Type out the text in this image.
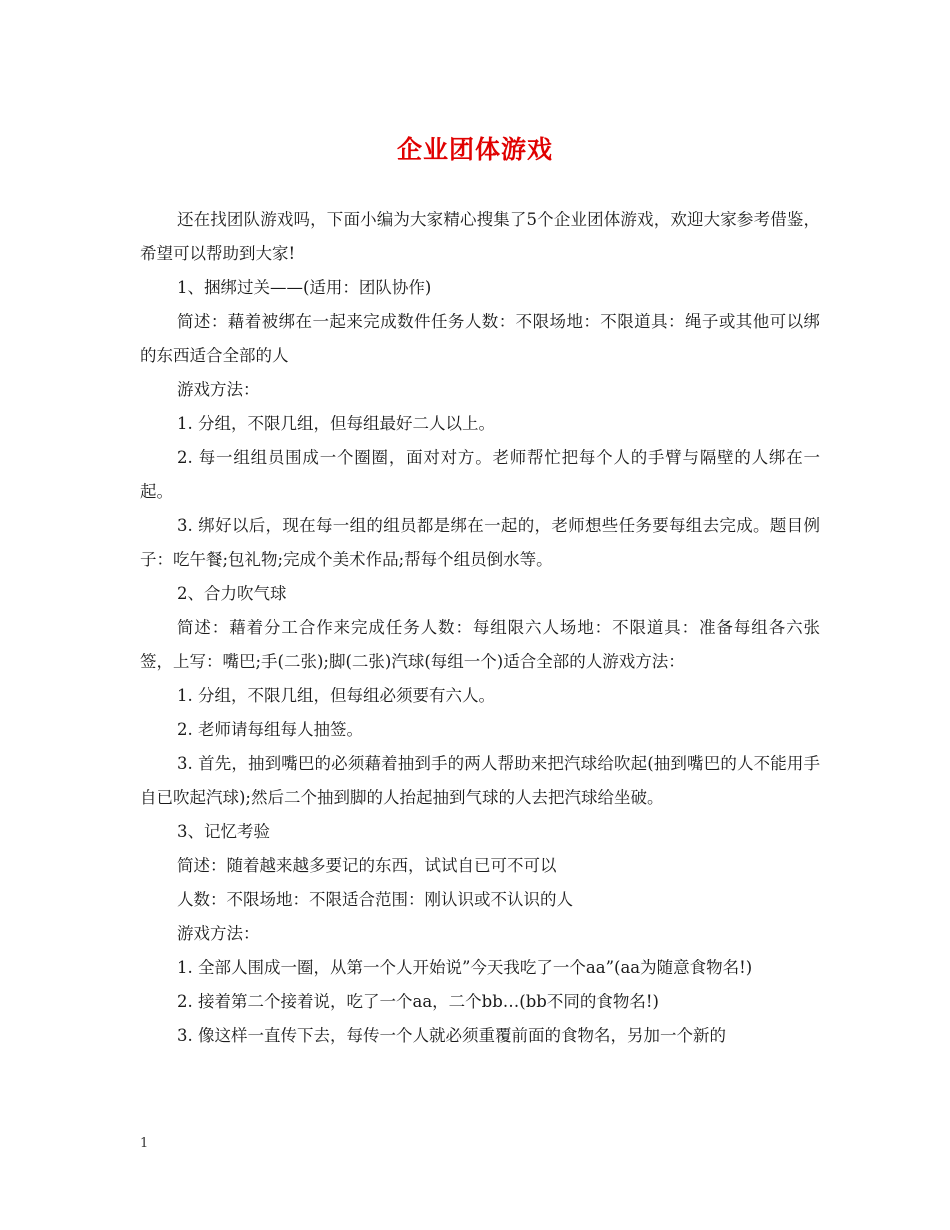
企业团体游戏

还在找团队游戏吗，下面小编为大家精心搜集了5个企业团体游戏，欢迎大家参考借鉴，希望可以帮助到大家!

1、捆绑过关——(适用：团队协作)

简述：藉着被绑在一起来完成数件任务人数：不限场地：不限道具：绳子或其他可以绑的东西适合全部的人

游戏方法：

1. 分组，不限几组，但每组最好二人以上。

2. 每一组组员围成一个圈圈，面对对方。老师帮忙把每个人的手臂与隔壁的人绑在一起。

3. 绑好以后，现在每一组的组员都是绑在一起的，老师想些任务要每组去完成。题目例子：吃午餐;包礼物;完成个美术作品;帮每个组员倒水等。

2、合力吹气球

简述：藉着分工合作来完成任务人数：每组限六人场地：不限道具：准备每组各六张签，上写：嘴巴;手(二张);脚(二张)汽球(每组一个)适合全部的人游戏方法：

1. 分组，不限几组，但每组必须要有六人。

2. 老师请每组每人抽签。

3. 首先，抽到嘴巴的必须藉着抽到手的两人帮助来把汽球给吹起(抽到嘴巴的人不能用手自已吹起汽球);然后二个抽到脚的人抬起抽到气球的人去把汽球给坐破。

3、记忆考验

简述：随着越来越多要记的东西，试试自已可不可以

人数：不限场地：不限适合范围：刚认识或不认识的人

游戏方法：

1. 全部人围成一圈，从第一个人开始说”今天我吃了一个aa”(aa为随意食物名!)

2. 接着第二个接着说，吃了一个aa，二个bb…(bb不同的食物名!)

3. 像这样一直传下去，每传一个人就必须重覆前面的食物名，另加一个新的

1
